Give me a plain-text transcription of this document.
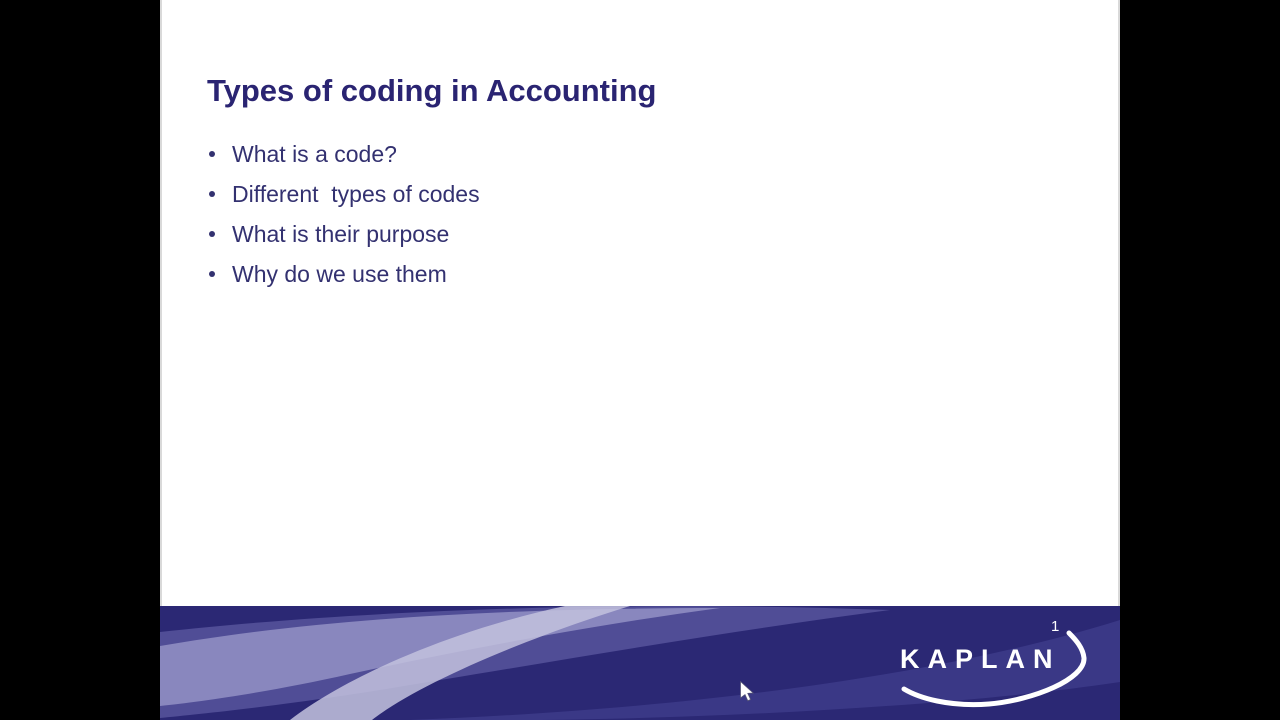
Types of coding in Accounting
What is a code?
Different  types of codes
What is their purpose
Why do we use them
1
KAPLAN
